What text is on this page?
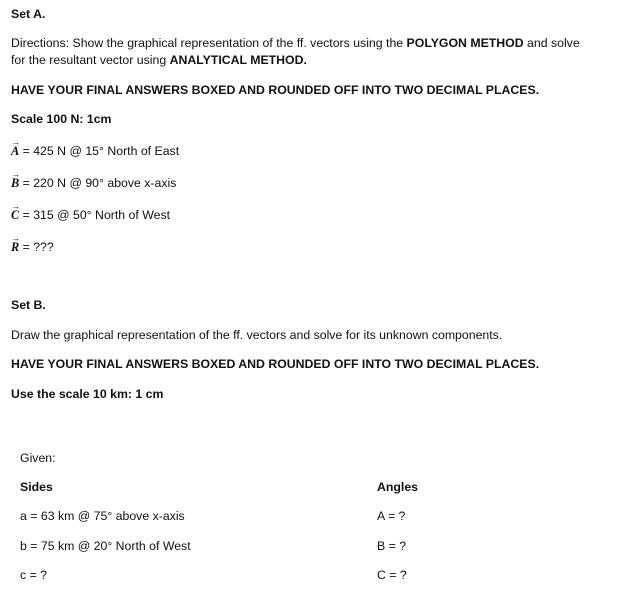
Set A.
Directions: Show the graphical representation of the ff. vectors using the POLYGON METHOD and solve
for the resultant vector using ANALYTICAL METHOD.
HAVE YOUR FINAL ANSWERS BOXED AND ROUNDED OFF INTO TWO DECIMAL PLACES.
Scale 100 N: 1cm
→ A = 425 N @ 15° North of East
→ B = 220 N @ 90° above x-axis
→ C = 315 @ 50° North of West
→ R = ???
Set B.
Draw the graphical representation of the ff. vectors and solve for its unknown components.
HAVE YOUR FINAL ANSWERS BOXED AND ROUNDED OFF INTO TWO DECIMAL PLACES.
Use the scale 10 km: 1 cm
Given:
Sides	Angles
a = 63 km @ 75° above x-axis
b = 75 km @ 20° North of West
c = ?
A = ?
B = ?
C = ?
